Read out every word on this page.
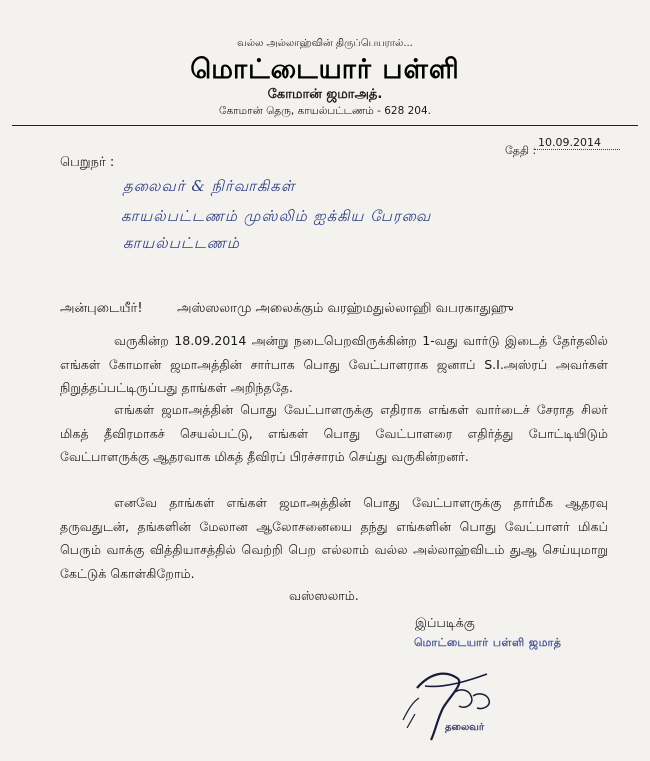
வல்ல அல்லாஹ்வின் திருப்பெயரால்...
மொட்டையார் பள்ளி
கோமான் ஜமாஅத்.
கோமான் தெரு, காயல்பட்டணம் - 628 204.
தேதி :
10.09.2014
பெறுநர் :
தலைவர் & நிர்வாகிகள்
காயல்பட்டணம் முஸ்லிம் ஐக்கிய பேரவை
காயல்பட்டணம்
அன்புடையீர்!	அஸ்ஸலாமு அலைக்கும் வரஹ்மதுல்லாஹி வபரகாதுஹு
வருகின்ற 18.09.2014 அன்று நடைபெறவிருக்கின்ற 1-வது வார்டு இடைத் தேர்தலில் எங்கள் கோமான் ஜமாஅத்தின் சார்பாக பொது வேட்பாளராக ஜனாப் S.I.அஸ்ரப் அவர்கள் நிறுத்தப்பட்டிருப்பது தாங்கள் அறிந்ததே.
எங்கள் ஜமாஅத்தின் பொது வேட்பாளருக்கு எதிராக எங்கள் வார்டைச் சேராத சிலர் மிகத் தீவிரமாகச் செயல்பட்டு, எங்கள் பொது வேட்பாளரை எதிர்த்து போட்டியிடும் வேட்பாளருக்கு ஆதரவாக மிகத் தீவிரப் பிரச்சாரம் செய்து வருகின்றனர்.
எனவே தாங்கள் எங்கள் ஜமாஅத்தின் பொது வேட்பாளருக்கு தார்மீக ஆதரவு தருவதுடன், தங்களின் மேலான ஆலோசனையை தந்து எங்களின் பொது வேட்பாளர் மிகப் பெரும் வாக்கு வித்தியாசத்தில் வெற்றி பெற எல்லாம் வல்ல அல்லாஹ்விடம் துஆ செய்யுமாறு கேட்டுக் கொள்கிறோம்.
வஸ்ஸலாம்.
இப்படிக்கு
மொட்டையார் பள்ளி ஜமாத்
தலைவர்
